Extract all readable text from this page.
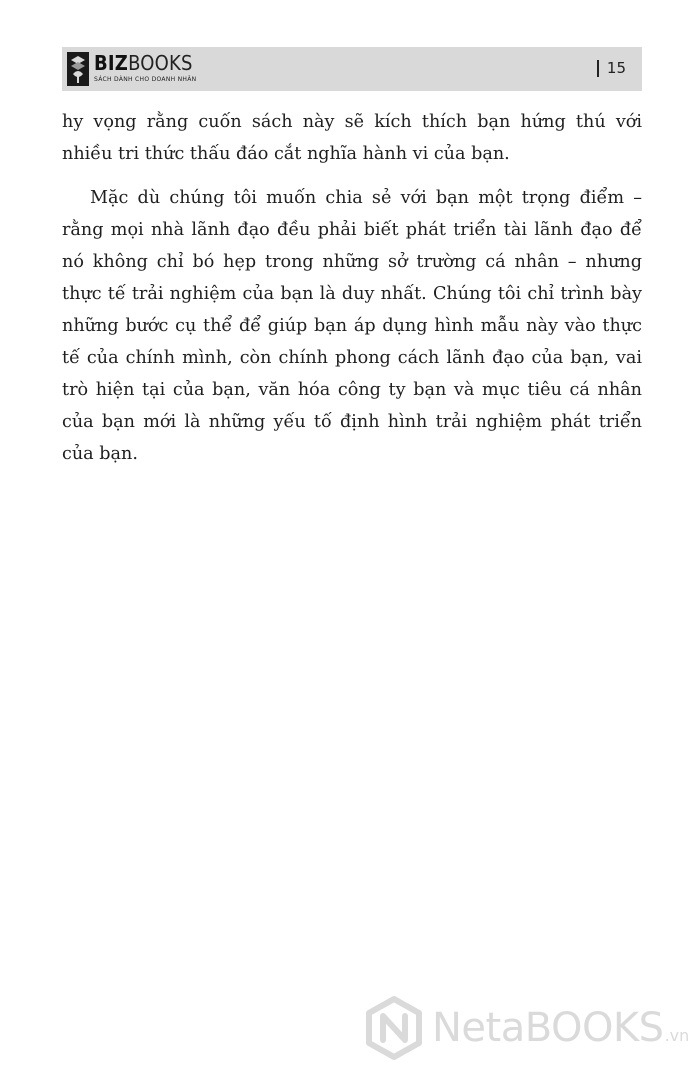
BIZBOOKS
SÁCH DÀNH CHO DOANH NHÂN
15

hy vọng rằng cuốn sách này sẽ kích thích bạn hứng thú với nhiều tri thức thấu đáo cắt nghĩa hành vi của bạn.

Mặc dù chúng tôi muốn chia sẻ với bạn một trọng điểm – rằng mọi nhà lãnh đạo đều phải biết phát triển tài lãnh đạo để nó không chỉ bó hẹp trong những sở trường cá nhân – nhưng thực tế trải nghiệm của bạn là duy nhất. Chúng tôi chỉ trình bày những bước cụ thể để giúp bạn áp dụng hình mẫu này vào thực tế của chính mình, còn chính phong cách lãnh đạo của bạn, vai trò hiện tại của bạn, văn hóa công ty bạn và mục tiêu cá nhân của bạn mới là những yếu tố định hình trải nghiệm phát triển của bạn.

NetaBOOKS.vn
